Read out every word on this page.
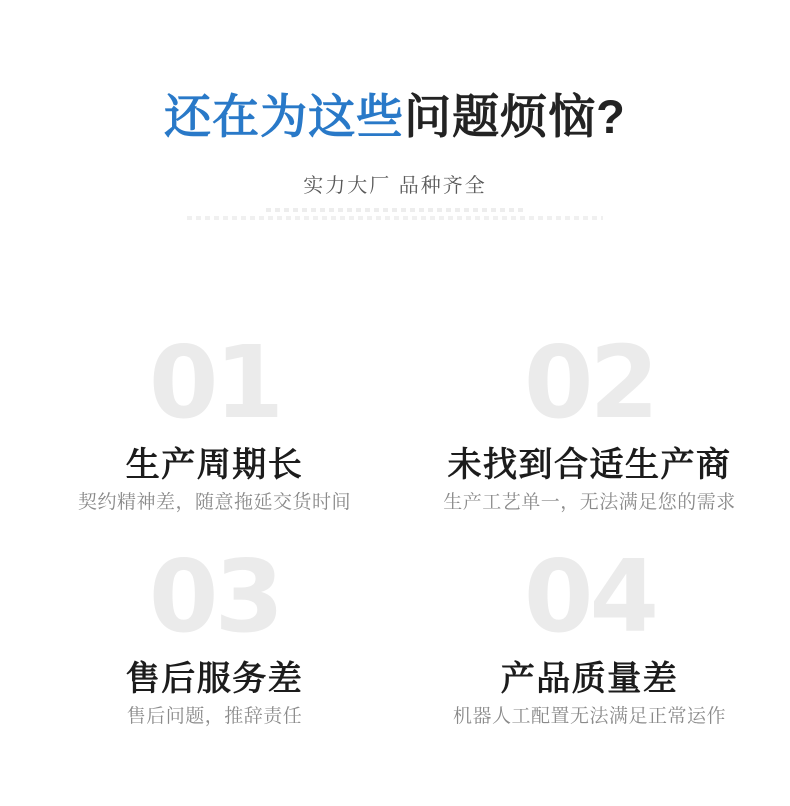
还在为这些问题烦恼?

实力大厂 品种齐全

01
生产周期长

契约精神差，随意拖延交货时间

02
未找到合适生产商

生产工艺单一，无法满足您的需求

03
售后服务差

售后问题，推辞责任

04
产品质量差

机器人工配置无法满足正常运作
